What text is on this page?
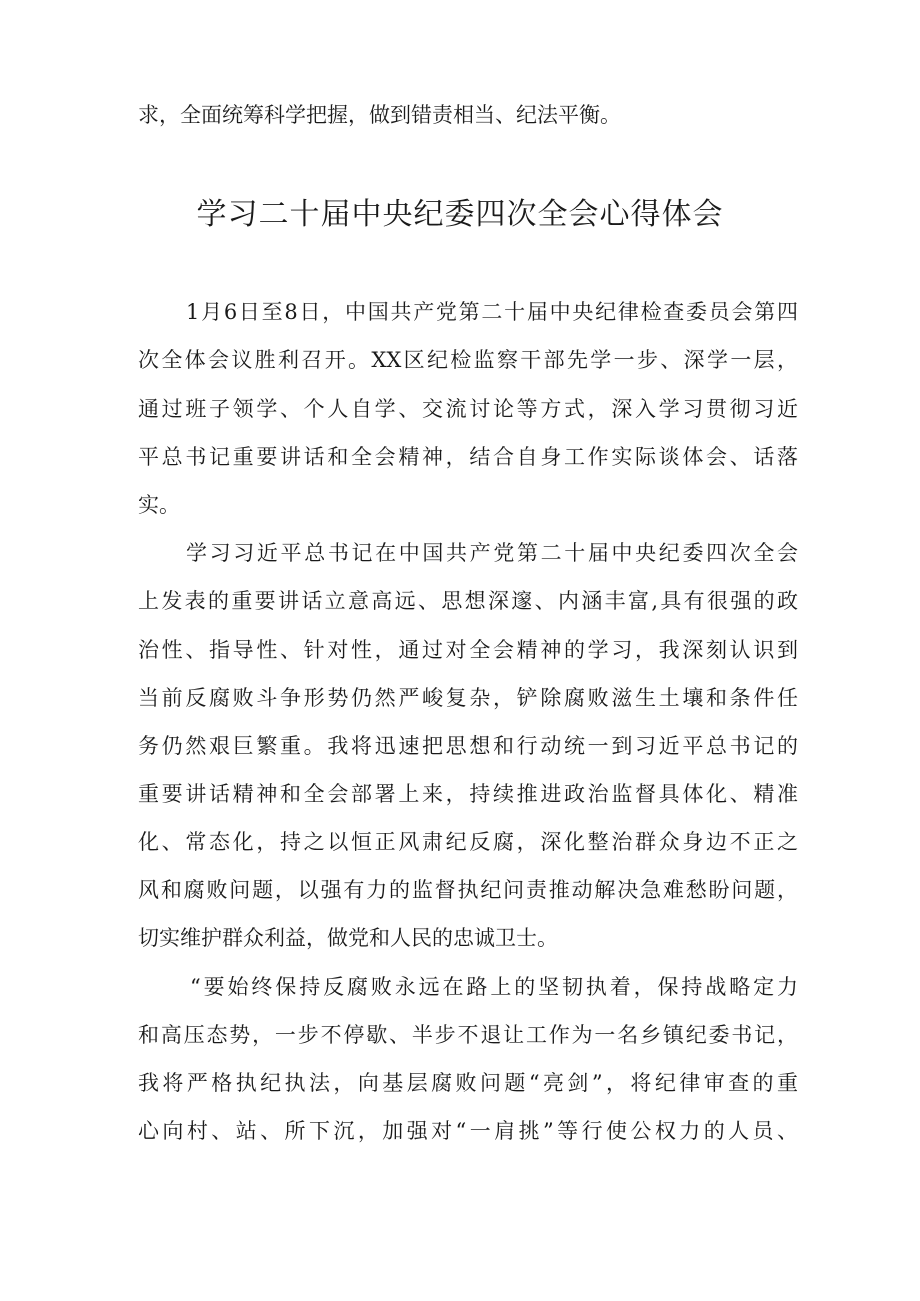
求，全面统筹科学把握，做到错责相当、纪法平衡。
学习二十届中央纪委四次全会心得体会
1月6日至8日，中国共产党第二十届中央纪律检查委员会第四
次全体会议胜利召开。XX区纪检监察干部先学一步、深学一层，
通过班子领学、个人自学、交流讨论等方式，深入学习贯彻习近
平总书记重要讲话和全会精神，结合自身工作实际谈体会、话落
实。
学习习近平总书记在中国共产党第二十届中央纪委四次全会
上发表的重要讲话立意高远、思想深邃、内涵丰富,具有很强的政
治性、指导性、针对性，通过对全会精神的学习，我深刻认识到
当前反腐败斗争形势仍然严峻复杂，铲除腐败滋生土壤和条件任
务仍然艰巨繁重。我将迅速把思想和行动统一到习近平总书记的
重要讲话精神和全会部署上来，持续推进政治监督具体化、精准
化、常态化，持之以恒正风肃纪反腐，深化整治群众身边不正之
风和腐败问题，以强有力的监督执纪问责推动解决急难愁盼问题，
切实维护群众利益，做党和人民的忠诚卫士。
“要始终保持反腐败永远在路上的坚韧执着，保持战略定力
和高压态势，一步不停歇、半步不退让工作为一名乡镇纪委书记，
我将严格执纪执法，向基层腐败问题“亮剑”，将纪律审查的重
心向村、站、所下沉，加强对“一肩挑”等行使公权力的人员、
